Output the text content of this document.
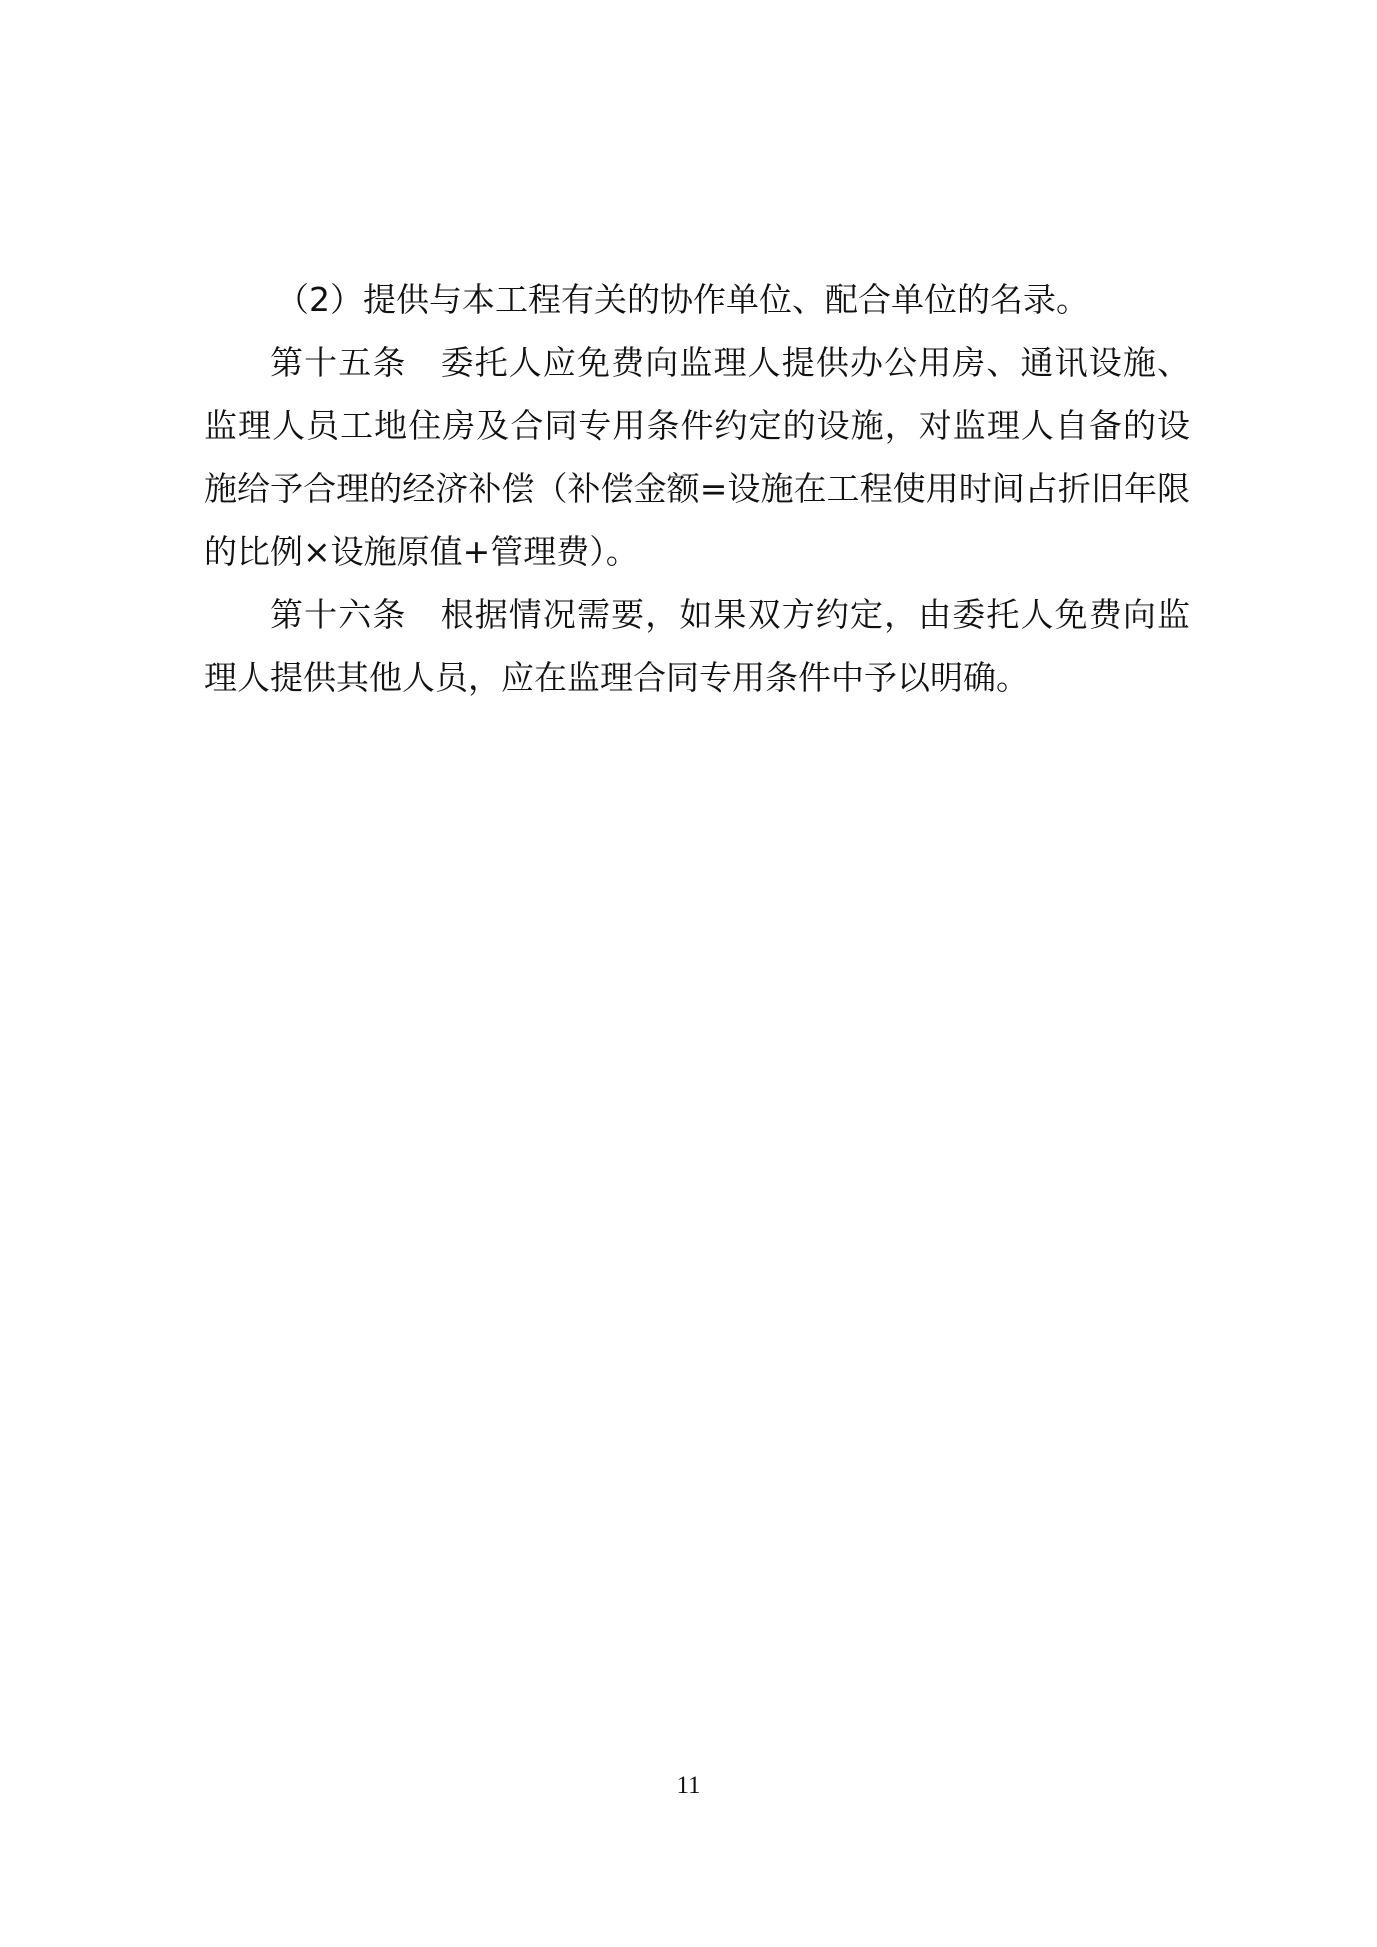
（2）提供与本工程有关的协作单位、配合单位的名录。

第十五条　委托人应免费向监理人提供办公用房、通讯设施、监理人员工地住房及合同专用条件约定的设施，对监理人自备的设施给予合理的经济补偿（补偿金额=设施在工程使用时间占折旧年限的比例×设施原值+管理费）。

第十六条　根据情况需要，如果双方约定，由委托人免费向监理人提供其他人员，应在监理合同专用条件中予以明确。

11
